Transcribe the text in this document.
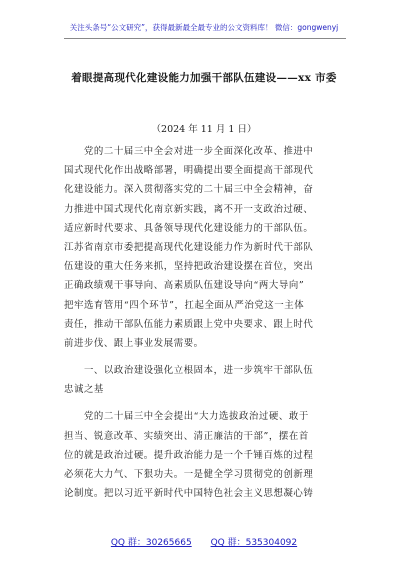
关注头条号“公文研究”，获得最新最全最专业的公文资料库！ 微信：gongwenyj
着眼提高现代化建设能力加强干部队伍建设——xx 市委
（2024 年 11 月 1 日）
　　党的二十届三中全会对进一步全面深化改革、推进中
国式现代化作出战略部署，明确提出要全面提高干部现代
化建设能力。深入贯彻落实党的二十届三中全会精神，奋
力推进中国式现代化南京新实践，离不开一支政治过硬、
适应新时代要求、具备领导现代化建设能力的干部队伍。
江苏省南京市委把提高现代化建设能力作为新时代干部队
伍建设的重大任务来抓，坚持把政治建设摆在首位，突出
正确政绩观干事导向、高素质队伍建设导向“两大导向”
把牢选育管用“四个环节”，扛起全面从严治党这一主体
责任，推动干部队伍能力素质跟上党中央要求、跟上时代
前进步伐、跟上事业发展需要。
　　一、以政治建设强化立根固本，进一步筑牢干部队伍
忠诚之基
　　党的二十届三中全会提出“大力选拔政治过硬、敢于
担当、锐意改革、实绩突出、清正廉洁的干部”，摆在首
位的就是政治过硬。提升政治能力是一个千锤百炼的过程
必须花大力气、下狠功夫。一是健全学习贯彻党的创新理
论制度。把以习近平新时代中国特色社会主义思想凝心铸
QQ 群：30265665 QQ 群：535304092
